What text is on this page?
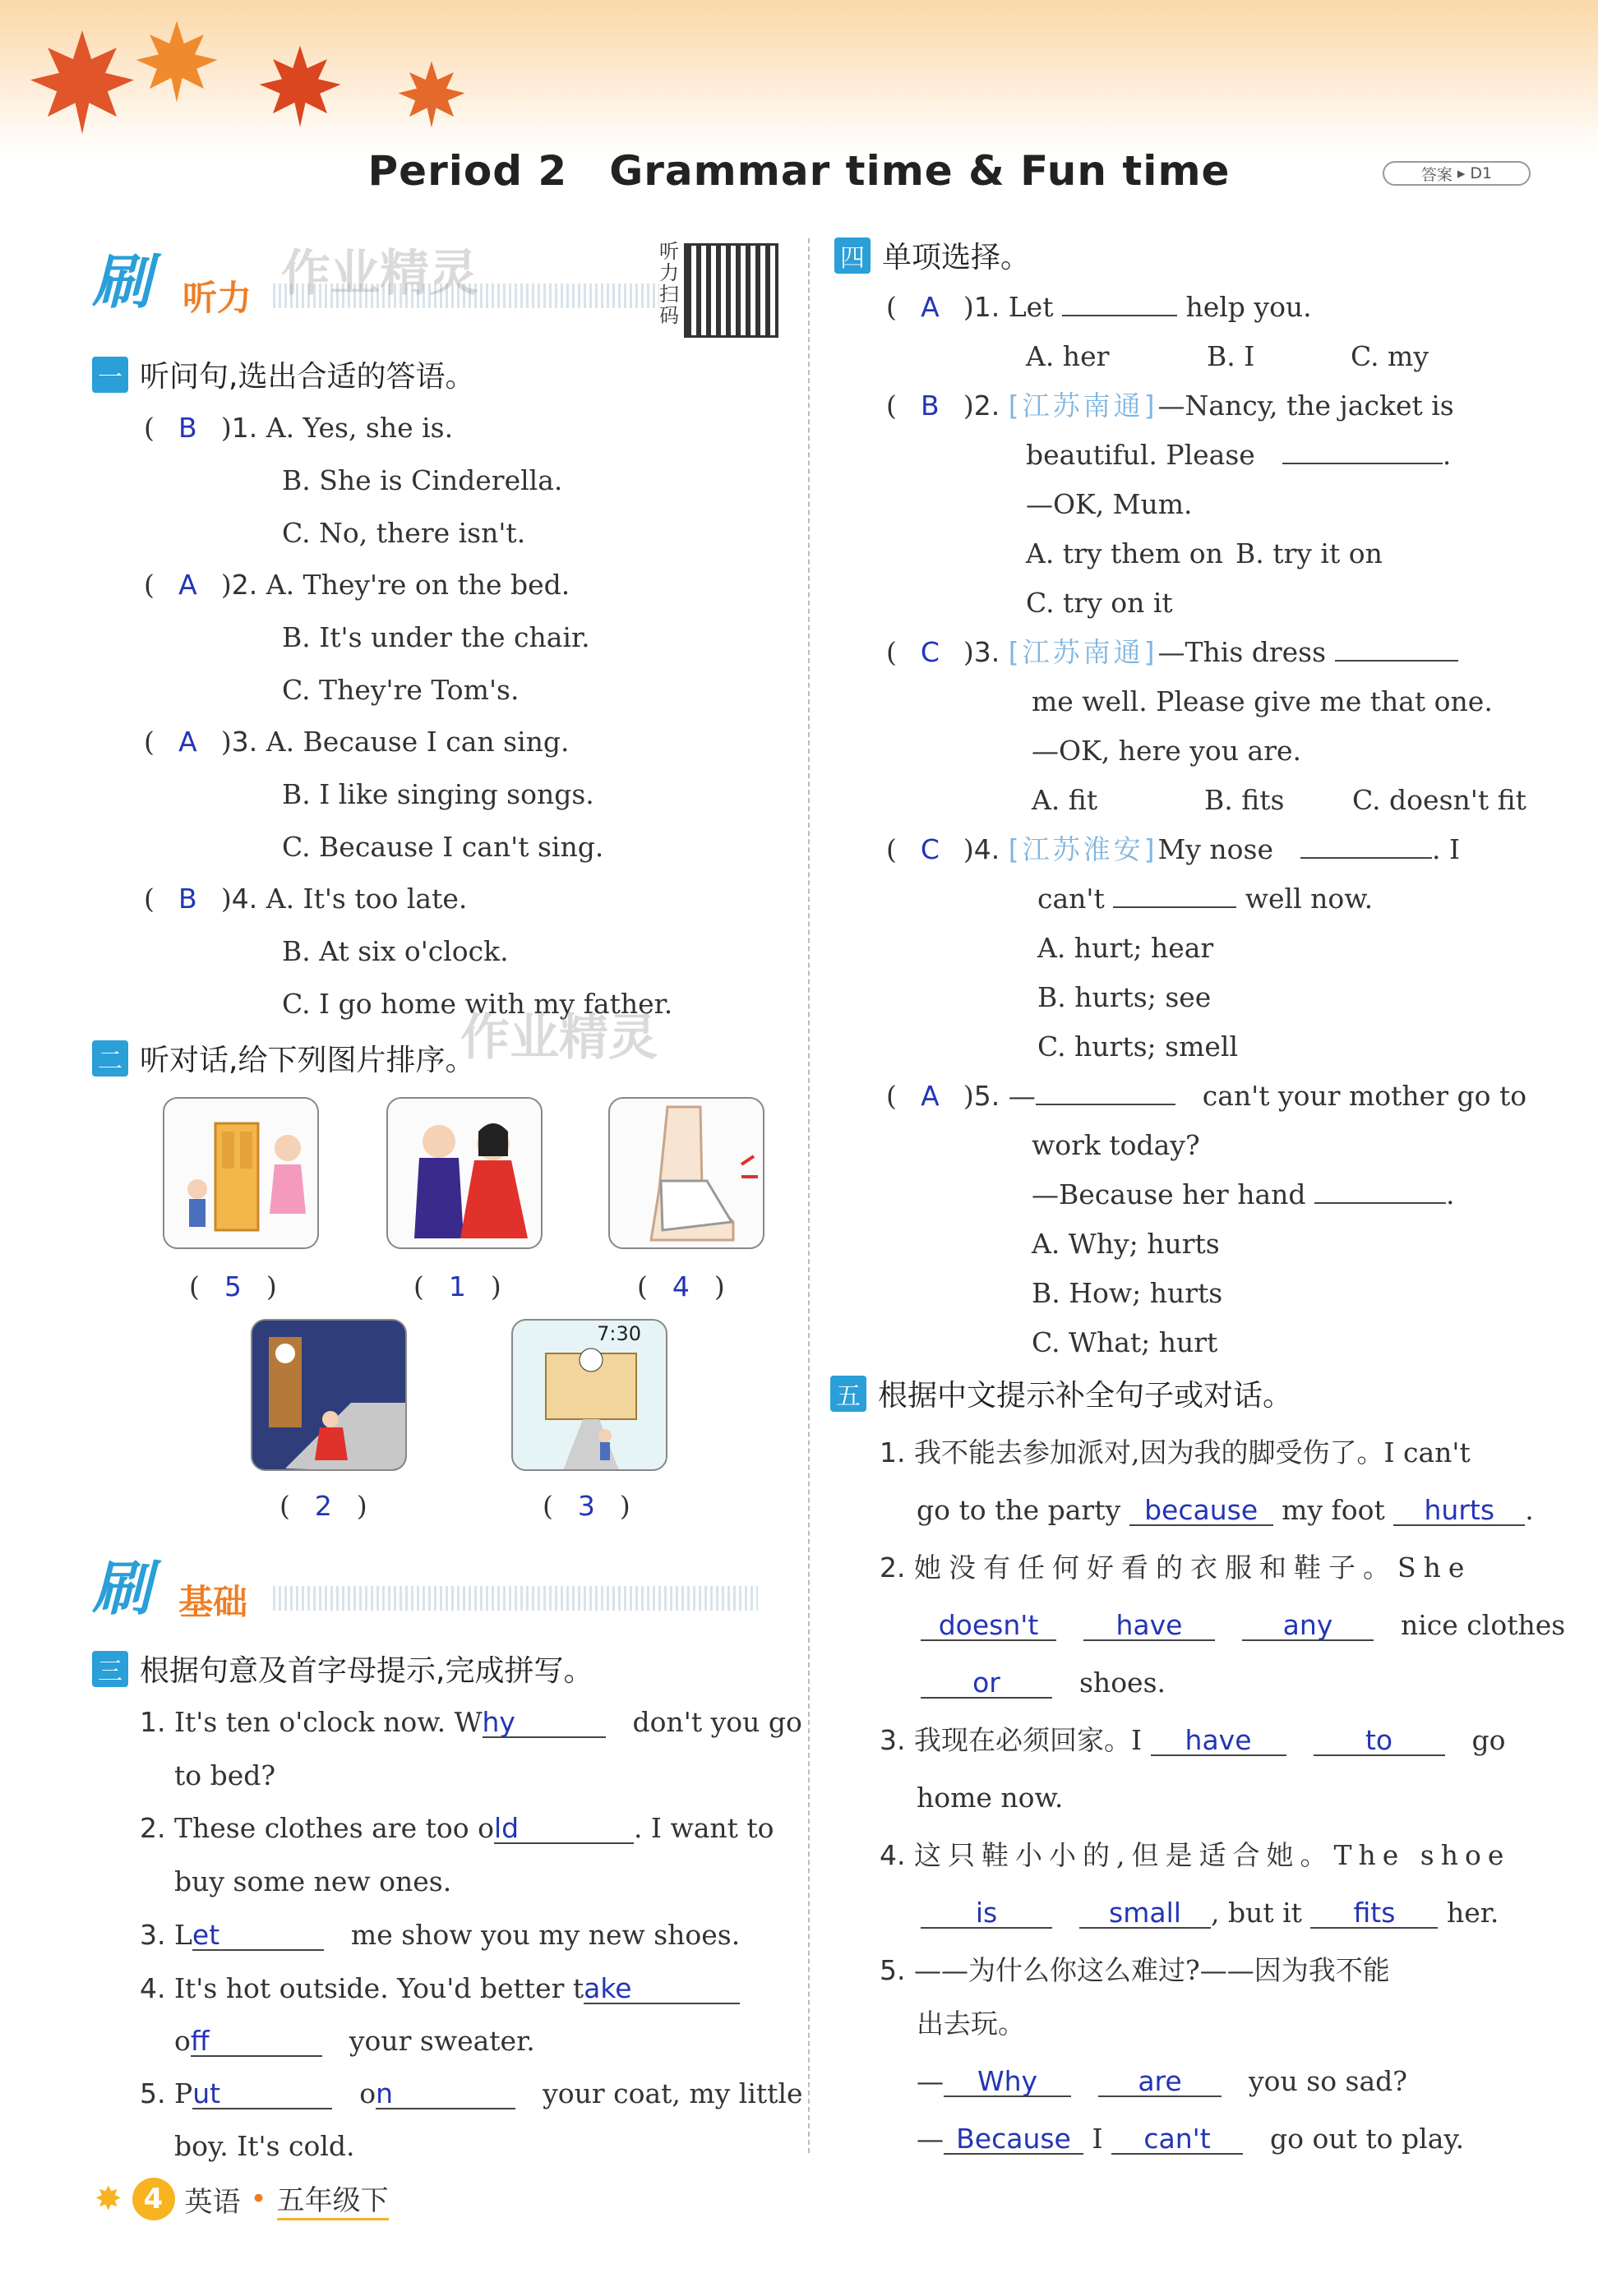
Period 2　Grammar time & Fun time	答案 ▸ D1
刷 听力 作业精灵	听力扫码
一 听问句,选出合适的答语。
( B )1. A. Yes, she is.
B. She is Cinderella.
C. No, there isn't.
( A )2. A. They're on the bed.
B. It's under the chair.
C. They're Tom's.
( A )3. A. Because I can sing.
B. I like singing songs.
C. Because I can't sing.
( B )4. A. It's too late.
B. At six o'clock.
C. I go home with my father.
二 听对话,给下列图片排序。
作业精灵
( 5 )	( 1 )	( 4 )
7:30
( 2 )	( 3 )
刷 基础
三 根据句意及首字母提示,完成拼写。
1. It's ten o'clock now. Why　	don't you go
to bed?
2. These clothes are too old	. I want to
buy some new ones.
3. Let　	me show you my new shoes.
4. It's hot outside. You'd better take
off　	your sweater.
5. Put　	on　	your coat, my little
boy. It's cold.
四 单项选择。
( A )1. Let	help you.
A. her	B. I	C. my
( B )2. [江苏南通]—Nancy, the jacket is
beautiful. Please　	.
—OK, Mum.
A. try them on B. try it on
C. try on it
( C )3. [江苏南通]—This dress
me well. Please give me that one.
—OK, here you are.
A. fit	B. fits	C. doesn't fit
( C )4. [江苏淮安]My nose　	. I
can't	well now.
A. hurt; hear
B. hurts; see
C. hurts; smell
( A )5. —　	can't your mother go to
work today?
—Because her hand	.
A. Why; hurts
B. How; hurts
C. What; hurt
五 根据中文提示补全句子或对话。
1. 我不能去参加派对,因为我的脚受伤了。I can't
go to the party because my foot hurts .
2. 她没有任何好看的衣服和鞋子。She
doesn't　	have　	any　	nice clothes
or　	shoes.
3. 我现在必须回家。I have　	to　	go
home now.
4. 这只鞋小小的,但是适合她。The shoe
is　	small , but it fits her.
5. ——为什么你这么难过?——因为我不能
出去玩。
— Why　	are　 you so sad?
— Because I can't　 go out to play.
✸ 4 英语 • 五年级下
